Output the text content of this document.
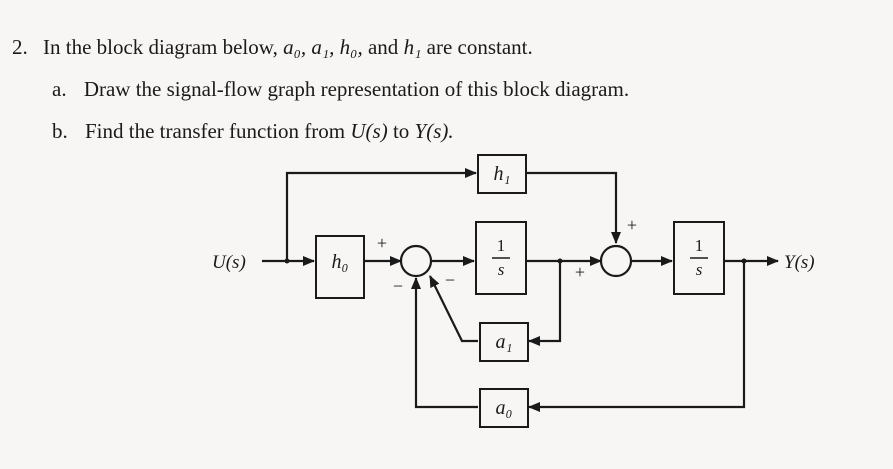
2. In the block diagram below, a₀, a₁, h₀, and h₁ are constant.
a. Draw the signal-flow graph representation of this block diagram.
b. Find the transfer function from U(s) to Y(s).
h₀
h₁
1
s
1
s
a₁
a₀
U(s)	Y(s)
+
−
−
+
+
